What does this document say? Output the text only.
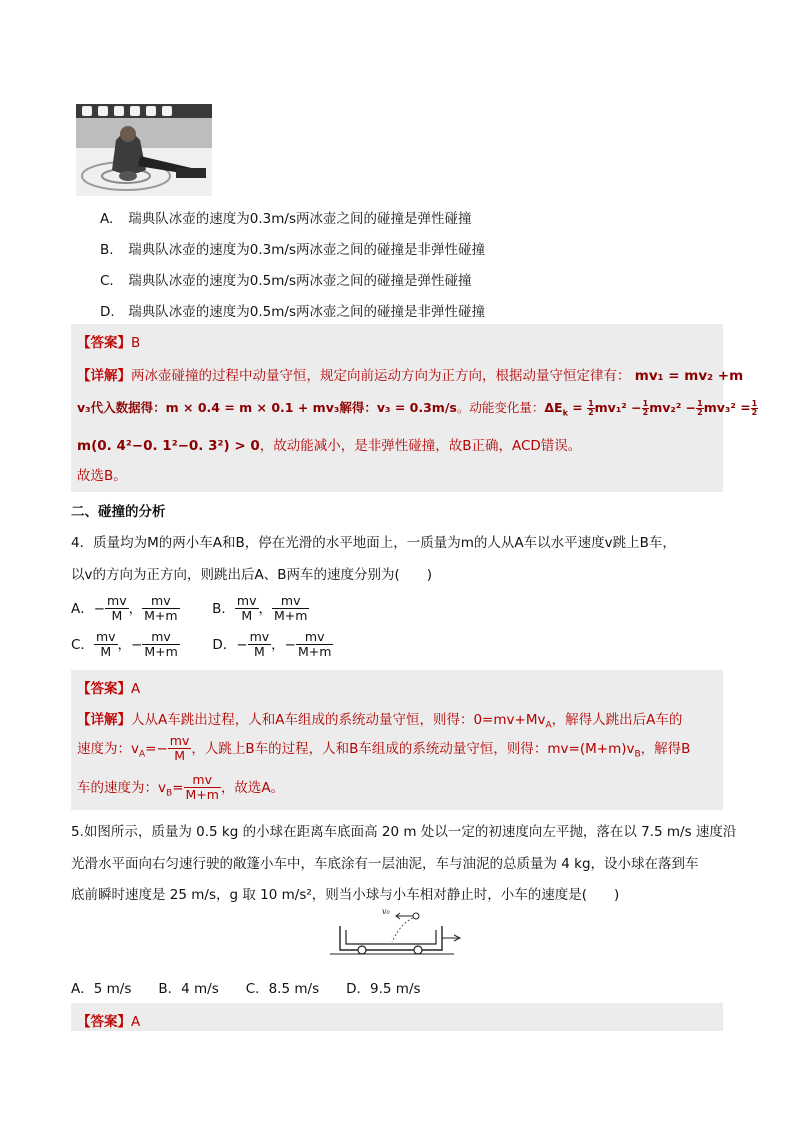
A. 瑞典队冰壶的速度为0.3m/s两冰壶之间的碰撞是弹性碰撞
B. 瑞典队冰壶的速度为0.3m/s两冰壶之间的碰撞是非弹性碰撞
C. 瑞典队冰壶的速度为0.5m/s两冰壶之间的碰撞是弹性碰撞
D. 瑞典队冰壶的速度为0.5m/s两冰壶之间的碰撞是非弹性碰撞
【答案】B
【详解】两冰壶碰撞的过程中动量守恒，规定向前运动方向为正方向，根据动量守恒定律有： mv₁ = mv₂ +m
v₃代入数据得：m × 0.4 = m × 0.1 + mv₃解得：v₃ = 0.3m/s。动能变化量：$\Delta E_k = \frac{1}{2} mv_1^2 - \frac{1}{2} mv_2^2 - \frac{1}{2} mv_3^2 = \frac{1}{2}$
m(0. 4²−0. 1²−0. 3²) > 0，故动能减小，是非弹性碰撞，故B正确，ACD错误。
故选B。
二、碰撞的分析
4．质量均为M的两小车A和B，停在光滑的水平地面上，一质量为m的人从A车以水平速度v跳上B车，
以v的方向为正方向，则跳出后A、B两车的速度分别为(　　)
A．− $\frac{mv}{M}$ ， $\frac{mv}{M+m}$ B． $\frac{mv}{M}$ ， $\frac{mv}{M+m}$
C． $\frac{mv}{M}$ ，− $\frac{mv}{M+m}$ D．− $\frac{mv}{M}$ ，− $\frac{mv}{M+m}$
【答案】A
【详解】人从A车跳出过程，人和A车组成的系统动量守恒，则得：$0=mv+Mv_A$，解得人跳出后A车的
速度为：$v_A=- \frac{mv}{M}$ ，人跳上B车的过程，人和B车组成的系统动量守恒，则得：$mv=(M+m)v_B$，解得B
车的速度为：$v_B= \frac{mv}{M+m}$ ，故选A。
5.如图所示，质量为 0.5 kg 的小球在距离车底面高 20 m 处以一定的初速度向左平抛，落在以 7.5 m/s 速度沿
光滑水平面向右匀速行驶的敞篷小车中，车底涂有一层油泥，车与油泥的总质量为 4 kg，设小球在落到车
底前瞬时速度是 25 m/s，g 取 10 m/s²，则当小球与小车相对静止时，小车的速度是(　　)
v₀
A．5 m/s　　B．4 m/s　　C．8.5 m/s　　D．9.5 m/s
【答案】A
